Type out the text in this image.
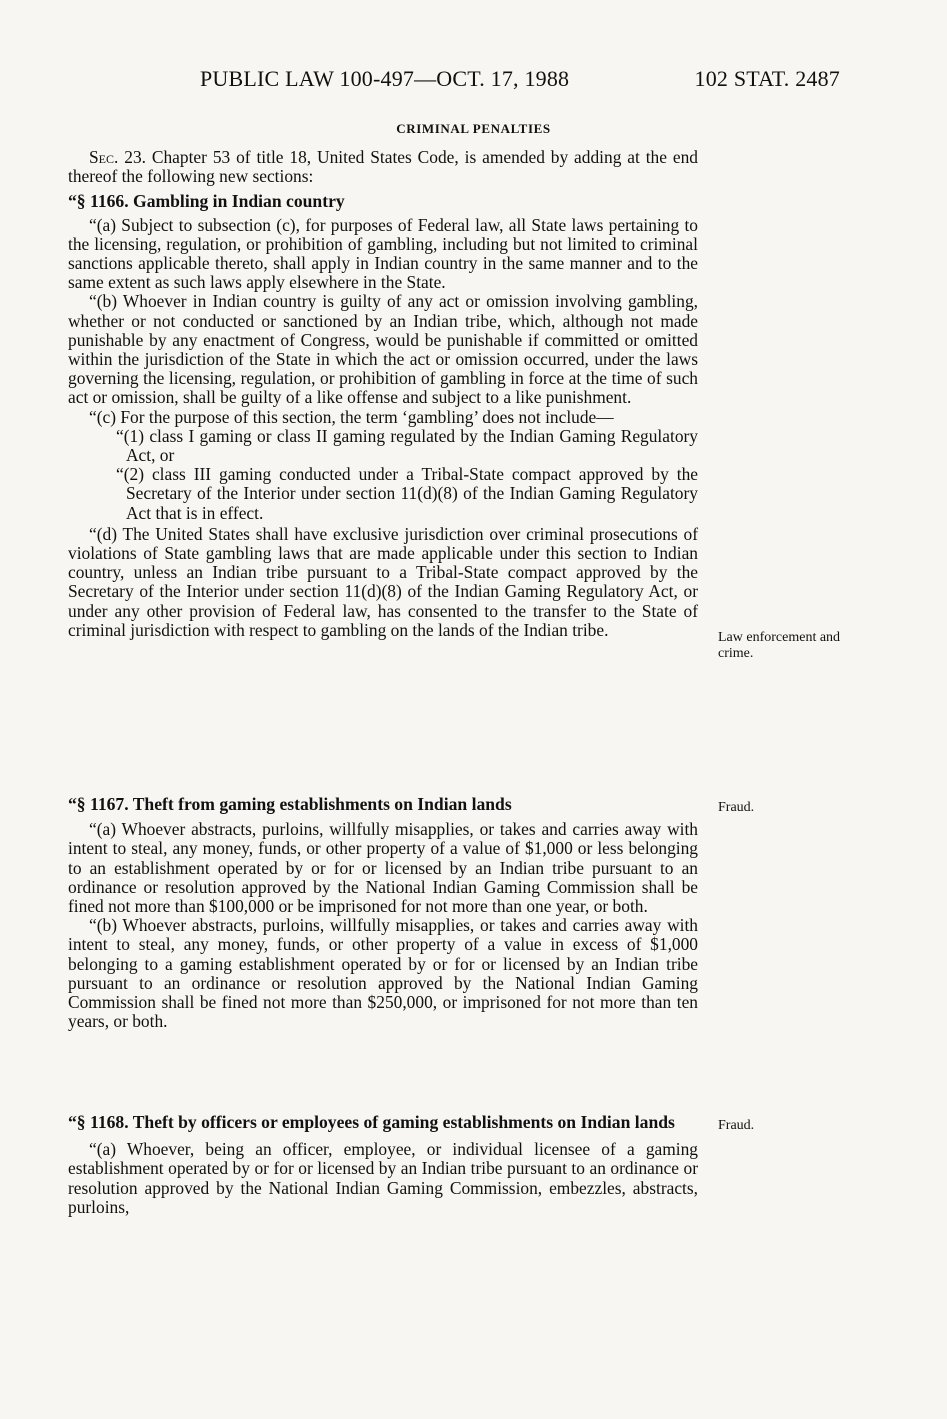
PUBLIC LAW 100-497—OCT. 17, 1988	102 STAT. 2487
CRIMINAL PENALTIES

Sec. 23. Chapter 53 of title 18, United States Code, is amended by adding at the end thereof the following new sections:

“§ 1166. Gambling in Indian country

“(a) Subject to subsection (c), for purposes of Federal law, all State laws pertaining to the licensing, regulation, or prohibition of gambling, including but not limited to criminal sanctions applicable thereto, shall apply in Indian country in the same manner and to the same extent as such laws apply elsewhere in the State.

“(b) Whoever in Indian country is guilty of any act or omission involving gambling, whether or not conducted or sanctioned by an Indian tribe, which, although not made punishable by any enactment of Congress, would be punishable if committed or omitted within the jurisdiction of the State in which the act or omission occurred, under the laws governing the licensing, regulation, or prohibition of gambling in force at the time of such act or omission, shall be guilty of a like offense and subject to a like punishment.

“(c) For the purpose of this section, the term ‘gambling’ does not include—

“(1) class I gaming or class II gaming regulated by the Indian Gaming Regulatory Act, or

“(2) class III gaming conducted under a Tribal-State compact approved by the Secretary of the Interior under section 11(d)(8) of the Indian Gaming Regulatory Act that is in effect.

“(d) The United States shall have exclusive jurisdiction over criminal prosecutions of violations of State gambling laws that are made applicable under this section to Indian country, unless an Indian tribe pursuant to a Tribal-State compact approved by the Secretary of the Interior under section 11(d)(8) of the Indian Gaming Regulatory Act, or under any other provision of Federal law, has consented to the transfer to the State of criminal jurisdiction with respect to gambling on the lands of the Indian tribe.

“§ 1167. Theft from gaming establishments on Indian lands

“(a) Whoever abstracts, purloins, willfully misapplies, or takes and carries away with intent to steal, any money, funds, or other property of a value of $1,000 or less belonging to an establishment operated by or for or licensed by an Indian tribe pursuant to an ordinance or resolution approved by the National Indian Gaming Commission shall be fined not more than $100,000 or be imprisoned for not more than one year, or both.

“(b) Whoever abstracts, purloins, willfully misapplies, or takes and carries away with intent to steal, any money, funds, or other property of a value in excess of $1,000 belonging to a gaming establishment operated by or for or licensed by an Indian tribe pursuant to an ordinance or resolution approved by the National Indian Gaming Commission shall be fined not more than $250,000, or imprisoned for not more than ten years, or both.

“§ 1168. Theft by officers or employees of gaming establishments on Indian lands

“(a) Whoever, being an officer, employee, or individual licensee of a gaming establishment operated by or for or licensed by an Indian tribe pursuant to an ordinance or resolution approved by the National Indian Gaming Commission, embezzles, abstracts, purloins,

Law enforcement and crime.
Fraud.
Fraud.
